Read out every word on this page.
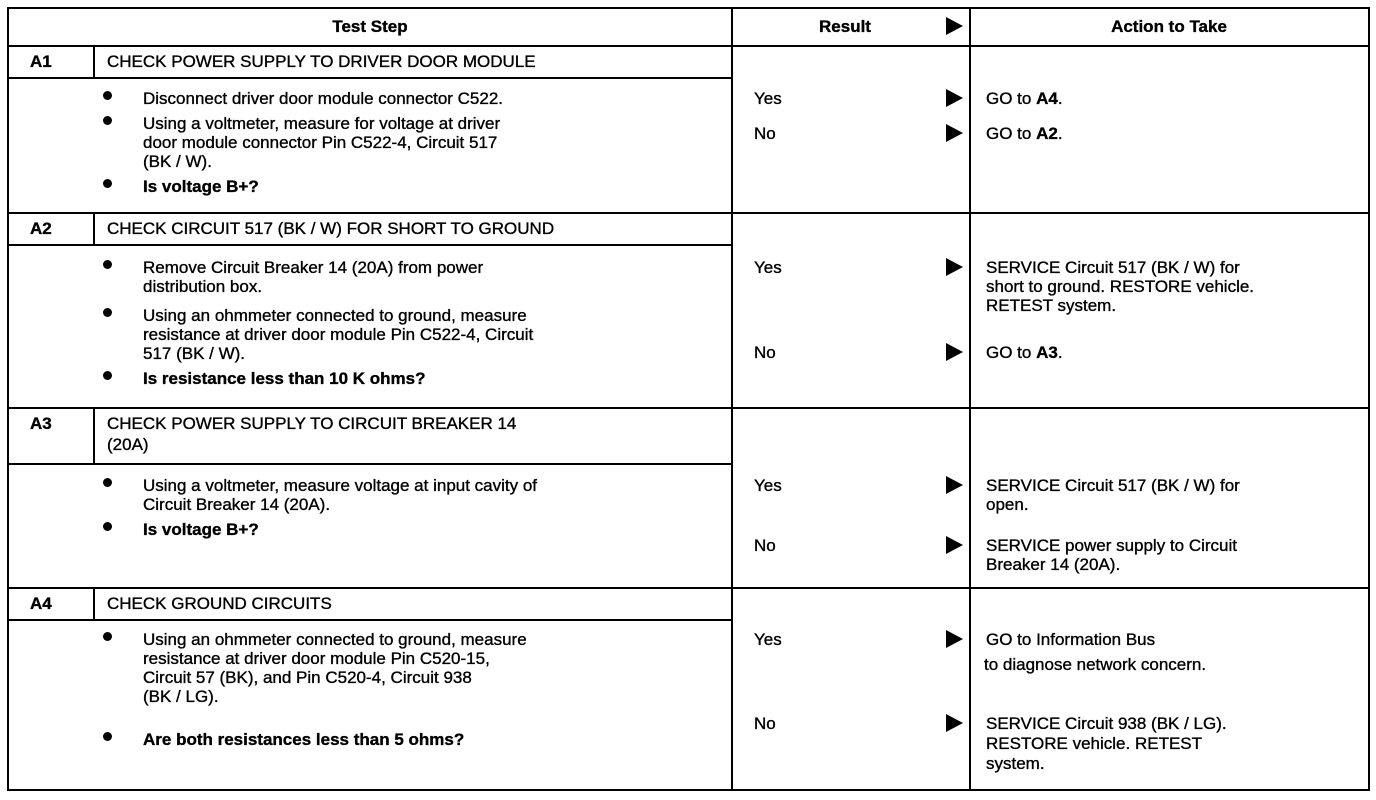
Test Step	Result	Action to Take
A1	CHECK POWER SUPPLY TO DRIVER DOOR MODULE
Disconnect driver door module connector C522.
Using a voltmeter, measure for voltage at driver
door module connector Pin C522-4, Circuit 517
(BK / W).
Is voltage B+?
Yes	GO to A4.
No	GO to A2.
A2	CHECK CIRCUIT 517 (BK / W) FOR SHORT TO GROUND
Remove Circuit Breaker 14 (20A) from power
distribution box.
Using an ohmmeter connected to ground, measure
resistance at driver door module Pin C522-4, Circuit
517 (BK / W).
Is resistance less than 10 K ohms?
Yes	SERVICE Circuit 517 (BK / W) for
short to ground. RESTORE vehicle.
RETEST system.
No	GO to A3.
A3	CHECK POWER SUPPLY TO CIRCUIT BREAKER 14
(20A)
Using a voltmeter, measure voltage at input cavity of
Circuit Breaker 14 (20A).
Is voltage B+?
Yes	SERVICE Circuit 517 (BK / W) for
open.
No	SERVICE power supply to Circuit
Breaker 14 (20A).
A4	CHECK GROUND CIRCUITS
Using an ohmmeter connected to ground, measure
resistance at driver door module Pin C520-15,
Circuit 57 (BK), and Pin C520-4, Circuit 938
(BK / LG).
Are both resistances less than 5 ohms?
Yes	GO to Information Bus
to diagnose network concern.
No	SERVICE Circuit 938 (BK / LG).
RESTORE vehicle. RETEST
system.
